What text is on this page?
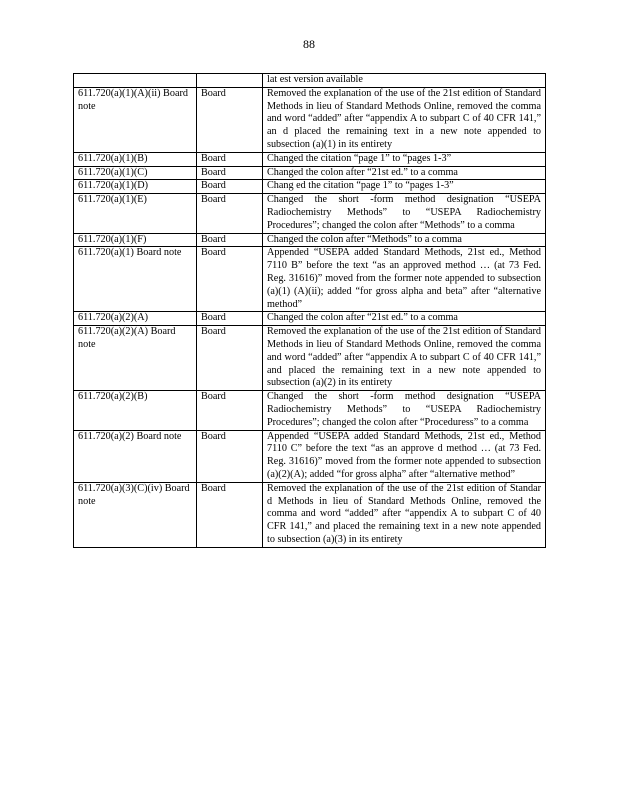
88
		lat est version available
611.720(a)(1)(A)(ii) Board note	Board	Removed the explanation of the use of the 21st edition of Standard Methods in lieu of Standard Methods Online, removed the comma and word “added” after “appendix A to subpart C of 40 CFR 141,” an d placed the remaining text in a new note appended to subsection (a)(1) in its entirety
611.720(a)(1)(B)	Board	Changed the citation “page 1” to “pages 1-3”
611.720(a)(1)(C)	Board	Changed the colon after “21st ed.” to a comma
611.720(a)(1)(D)	Board	Chang ed the citation “page 1” to “pages 1-3”
611.720(a)(1)(E)	Board	Changed the short -form method designation “USEPA Radiochemistry Methods” to “USEPA Radiochemistry Procedures”; changed the colon after “Methods” to a comma
611.720(a)(1)(F)	Board	Changed the colon after “Methods” to a comma
611.720(a)(1) Board note	Board	Appended “USEPA added Standard Methods, 21st ed., Method 7110 B” before the text “as an approved method … (at 73 Fed. Reg. 31616)” moved from the former note appended to subsection (a)(1) (A)(ii); added “for gross alpha and beta” after “alternative method”
611.720(a)(2)(A)	Board	Changed the colon after “21st ed.” to a comma
611.720(a)(2)(A) Board note	Board	Removed the explanation of the use of the 21st edition of Standard Methods in lieu of Standard Methods Online, removed the comma and word “added” after “appendix A to subpart C of 40 CFR 141,” and placed the remaining text in a new note appended to subsection (a)(2) in its entirety
611.720(a)(2)(B)	Board	Changed the short -form method designation “USEPA Radiochemistry Methods” to “USEPA Radiochemistry Procedures”; changed the colon after “Proceduress” to a comma
611.720(a)(2) Board note	Board	Appended “USEPA added Standard Methods, 21st ed., Method 7110 C” before the text “as an approve d method … (at 73 Fed. Reg. 31616)” moved from the former note appended to subsection (a)(2)(A); added “for gross alpha” after “alternative method”
611.720(a)(3)(C)(iv) Board note	Board	Removed the explanation of the use of the 21st edition of Standar d Methods in lieu of Standard Methods Online, removed the comma and word “added” after “appendix A to subpart C of 40 CFR 141,” and placed the remaining text in a new note appended to subsection (a)(3) in its entirety
